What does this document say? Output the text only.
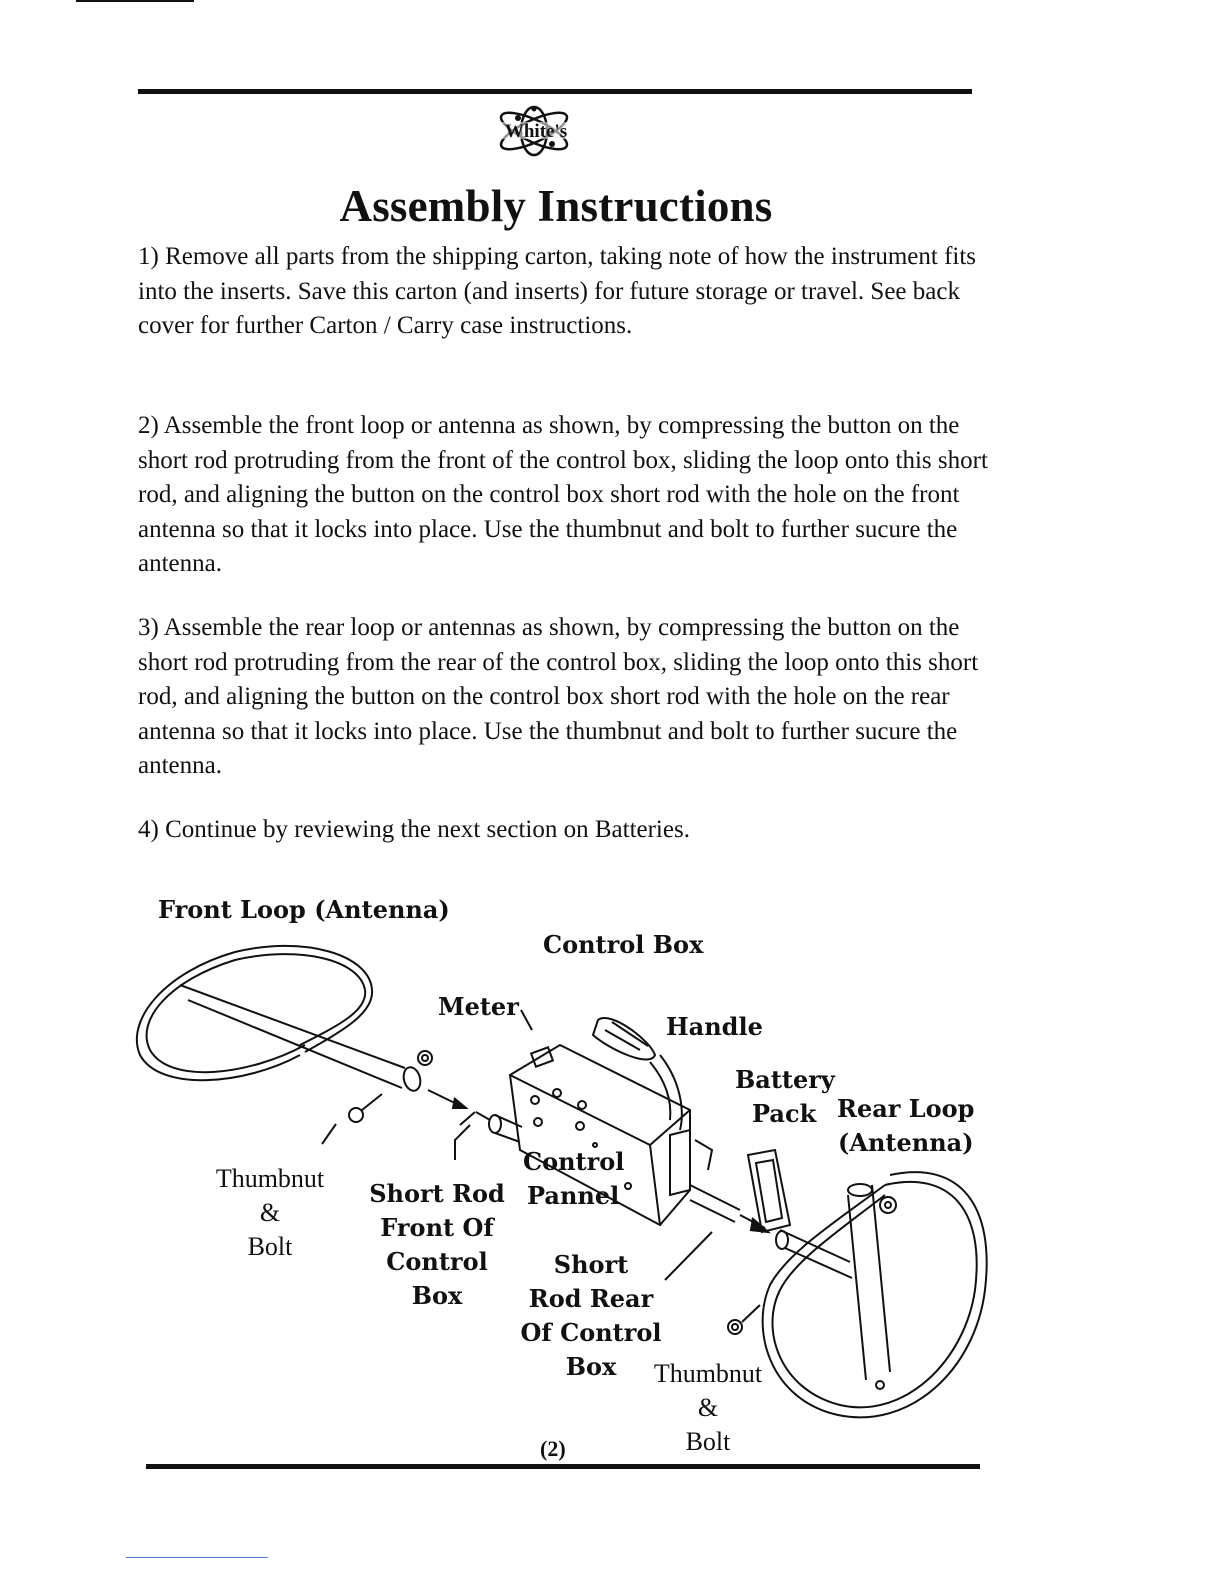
White's
Assembly Instructions
1) Remove all parts from the shipping carton, taking note of how the instrument fits into the inserts. Save this carton (and inserts) for future storage or travel. See back cover for further Carton / Carry case instructions.
2) Assemble the front loop or antenna as shown, by compressing the button on the short rod protruding from the front of the control box, sliding the loop onto this short rod, and aligning the button on the control box short rod with the hole on the front antenna so that it locks into place. Use the thumbnut and bolt to further sucure the antenna.
3) Assemble the rear loop or antennas as shown, by compressing the button on the short rod protruding from the rear of the control box, sliding the loop onto this short rod, and aligning the button on the control box short rod with the hole on the rear antenna so that it locks into place. Use the thumbnut and bolt to further sucure the antenna.
4) Continue by reviewing the next section on Batteries.
Front Loop (Antenna)
Control Box
Meter
Handle
Battery
Pack Rear Loop
(Antenna)
Control
Pannel
Thumbnut
&
Bolt
Short Rod
Front Of
Control
Box
Short
Rod Rear
Of Control
Box	Thumbnut
&
Bolt
(2)
